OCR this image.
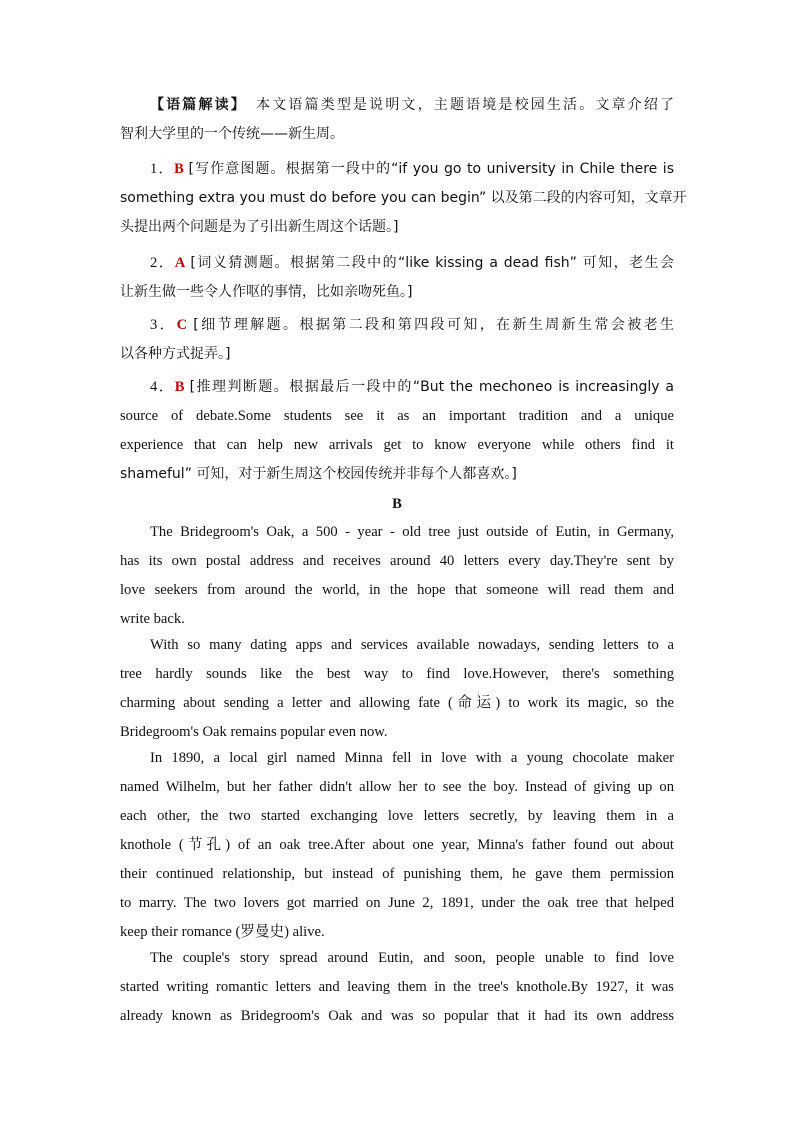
【语篇解读】　 本文语篇类型是说明文，主题语境是校园生活。文章介绍了
智利大学里的一个传统——新生周。
1．B [写作意图题。根据第一段中的“if you go to university in Chile there is
something extra you must do before you can begin” 以及第二段的内容可知，文章开
头提出两个问题是为了引出新生周这个话题。]
2．A [词义猜测题。根据第二段中的“like kissing a dead fish” 可知，老生会
让新生做一些令人作呕的事情，比如亲吻死鱼。]
3．C [细节理解题。根据第二段和第四段可知，在新生周新生常会被老生
以各种方式捉弄。]
4．B [推理判断题。根据最后一段中的“But the mechoneo is increasingly a
source of debate.Some students see it as an important tradition and a unique
experience that can help new arrivals get to know everyone while others find it
shameful” 可知，对于新生周这个校园传统并非每个人都喜欢。]
B
The Bridegroom's Oak, a 500 - year - old tree just outside of Eutin, in Germany,
has its own postal address and receives around 40 letters every day.They're sent by
love seekers from around the world, in the hope that someone will read them and
write back.
With so many dating apps and services available nowadays, sending letters to a
tree hardly sounds like the best way to find love.However, there's something
charming about sending a letter and allowing fate (命运) to work its magic, so the
Bridegroom's Oak remains popular even now.
In 1890, a local girl named Minna fell in love with a young chocolate maker
named Wilhelm, but her father didn't allow her to see the boy. Instead of giving up on
each other, the two started exchanging love letters secretly, by leaving them in a
knothole (节孔) of an oak tree.After about one year, Minna's father found out about
their continued relationship, but instead of punishing them, he gave them permission
to marry. The two lovers got married on June 2, 1891, under the oak tree that helped
keep their romance (罗曼史) alive.
The couple's story spread around Eutin, and soon, people unable to find love
started writing romantic letters and leaving them in the tree's knothole.By 1927, it was
already known as Bridegroom's Oak and was so popular that it had its own address
